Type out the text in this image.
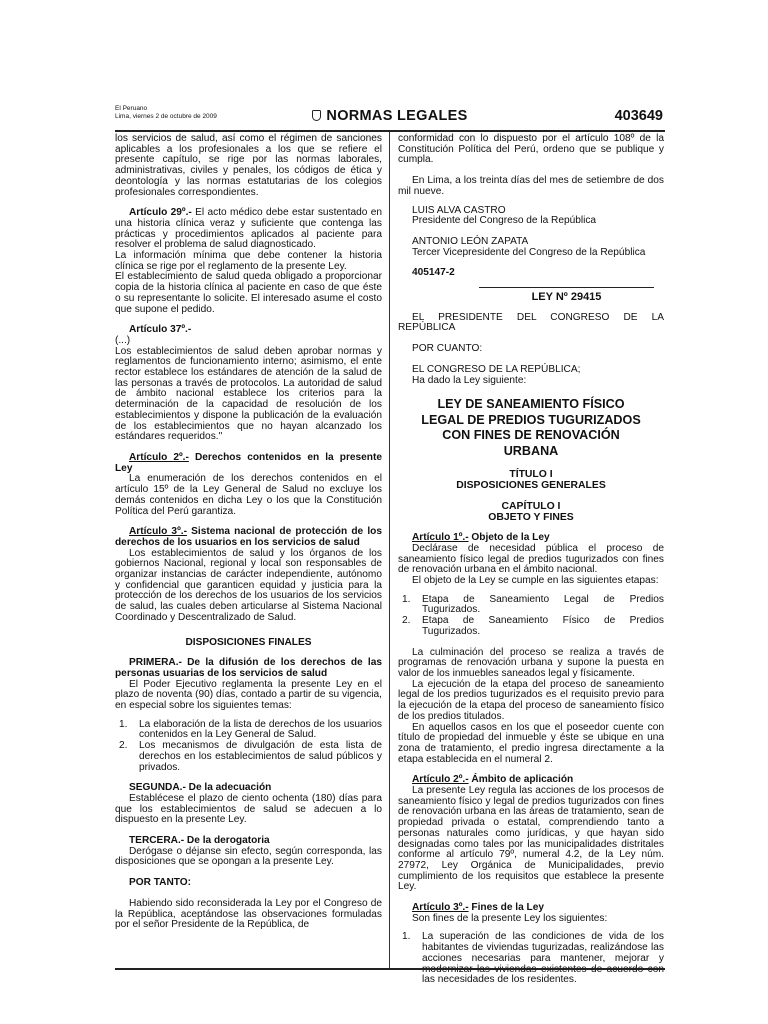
El Peruano
Lima, viernes 2 de octubre de 2009	NORMAS LEGALES	403649

los servicios de salud, así como el régimen de sanciones aplicables a los profesionales a los que se refiere el presente capítulo, se rige por las normas laborales, administrativas, civiles y penales, los códigos de ética y deontología y las normas estatutarias de los colegios profesionales correspondientes.

Artículo 29º.- El acto médico debe estar sustentado en una historia clínica veraz y suficiente que contenga las prácticas y procedimientos aplicados al paciente para resolver el problema de salud diagnosticado.

La información mínima que debe contener la historia clínica se rige por el reglamento de la presente Ley.

El establecimiento de salud queda obligado a proporcionar copia de la historia clínica al paciente en caso de que éste o su representante lo solicite. El interesado asume el costo que supone el pedido.

Artículo 37º.-

(...)

Los establecimientos de salud deben aprobar normas y reglamentos de funcionamiento interno; asimismo, el ente rector establece los estándares de atención de la salud de las personas a través de protocolos. La autoridad de salud de ámbito nacional establece los criterios para la determinación de la capacidad de resolución de los establecimientos y dispone la publicación de la evaluación de los establecimientos que no hayan alcanzado los estándares requeridos."

Artículo 2º.- Derechos contenidos en la presente Ley

La enumeración de los derechos contenidos en el artículo 15º de la Ley General de Salud no excluye los demás contenidos en dicha Ley o los que la Constitución Política del Perú garantiza.

Artículo 3º.- Sistema nacional de protección de los derechos de los usuarios en los servicios de salud

Los establecimientos de salud y los órganos de los gobiernos Nacional, regional y local son responsables de organizar instancias de carácter independiente, autónomo y confidencial que garanticen equidad y justicia para la protección de los derechos de los usuarios de los servicios de salud, las cuales deben articularse al Sistema Nacional Coordinado y Descentralizado de Salud.

DISPOSICIONES FINALES

PRIMERA.- De la difusión de los derechos de las personas usuarias de los servicios de salud

El Poder Ejecutivo reglamenta la presente Ley en el plazo de noventa (90) días, contado a partir de su vigencia, en especial sobre los siguientes temas:

1.	La elaboración de la lista de derechos de los usuarios contenidos en la Ley General de Salud.
2.	Los mecanismos de divulgación de esta lista de derechos en los establecimientos de salud públicos y privados.

SEGUNDA.- De la adecuación

Establécese el plazo de ciento ochenta (180) días para que los establecimientos de salud se adecuen a lo dispuesto en la presente Ley.

TERCERA.- De la derogatoria

Derógase o déjanse sin efecto, según corresponda, las disposiciones que se opongan a la presente Ley.

POR TANTO:

Habiendo sido reconsiderada la Ley por el Congreso de la República, aceptándose las observaciones formuladas por el señor Presidente de la República, de

conformidad con lo dispuesto por el artículo 108º de la Constitución Política del Perú, ordeno que se publique y cumpla.

En Lima, a los treinta días del mes de setiembre de dos mil nueve.

LUIS ALVA CASTRO

Presidente del Congreso de la República

ANTONIO LEÓN ZAPATA

Tercer Vicepresidente del Congreso de la República

405147-2

LEY Nº 29415

EL PRESIDENTE DEL CONGRESO DE LA REPÚBLICA

POR CUANTO:

EL CONGRESO DE LA REPÚBLICA;

Ha dado la Ley siguiente:

LEY DE SANEAMIENTO FÍSICO LEGAL DE PREDIOS TUGURIZADOS CON FINES DE RENOVACIÓN URBANA
TÍTULO I
DISPOSICIONES GENERALES
CAPÍTULO I
OBJETO Y FINES

Artículo 1º.- Objeto de la Ley

Declárase de necesidad pública el proceso de saneamiento físico legal de predios tugurizados con fines de renovación urbana en el ámbito nacional.

El objeto de la Ley se cumple en las siguientes etapas:

1.	Etapa de Saneamiento Legal de Predios Tugurizados.
2.	Etapa de Saneamiento Físico de Predios Tugurizados.

La culminación del proceso se realiza a través de programas de renovación urbana y supone la puesta en valor de los inmuebles saneados legal y físicamente.

La ejecución de la etapa del proceso de saneamiento legal de los predios tugurizados es el requisito previo para la ejecución de la etapa del proceso de saneamiento físico de los predios titulados.

En aquellos casos en los que el poseedor cuente con título de propiedad del inmueble y éste se ubique en una zona de tratamiento, el predio ingresa directamente a la etapa establecida en el numeral 2.

Artículo 2º.- Ámbito de aplicación

La presente Ley regula las acciones de los procesos de saneamiento físico y legal de predios tugurizados con fines de renovación urbana en las áreas de tratamiento, sean de propiedad privada o estatal, comprendiendo tanto a personas naturales como jurídicas, y que hayan sido designadas como tales por las municipalidades distritales conforme al artículo 79º, numeral 4.2, de la Ley núm. 27972, Ley Orgánica de Municipalidades, previo cumplimiento de los requisitos que establece la presente Ley.

Artículo 3º.- Fines de la Ley

Son fines de la presente Ley los siguientes:

1.	La superación de las condiciones de vida de los habitantes de viviendas tugurizadas, realizándose las acciones necesarias para mantener, mejorar y las necesidades de los residentes.
